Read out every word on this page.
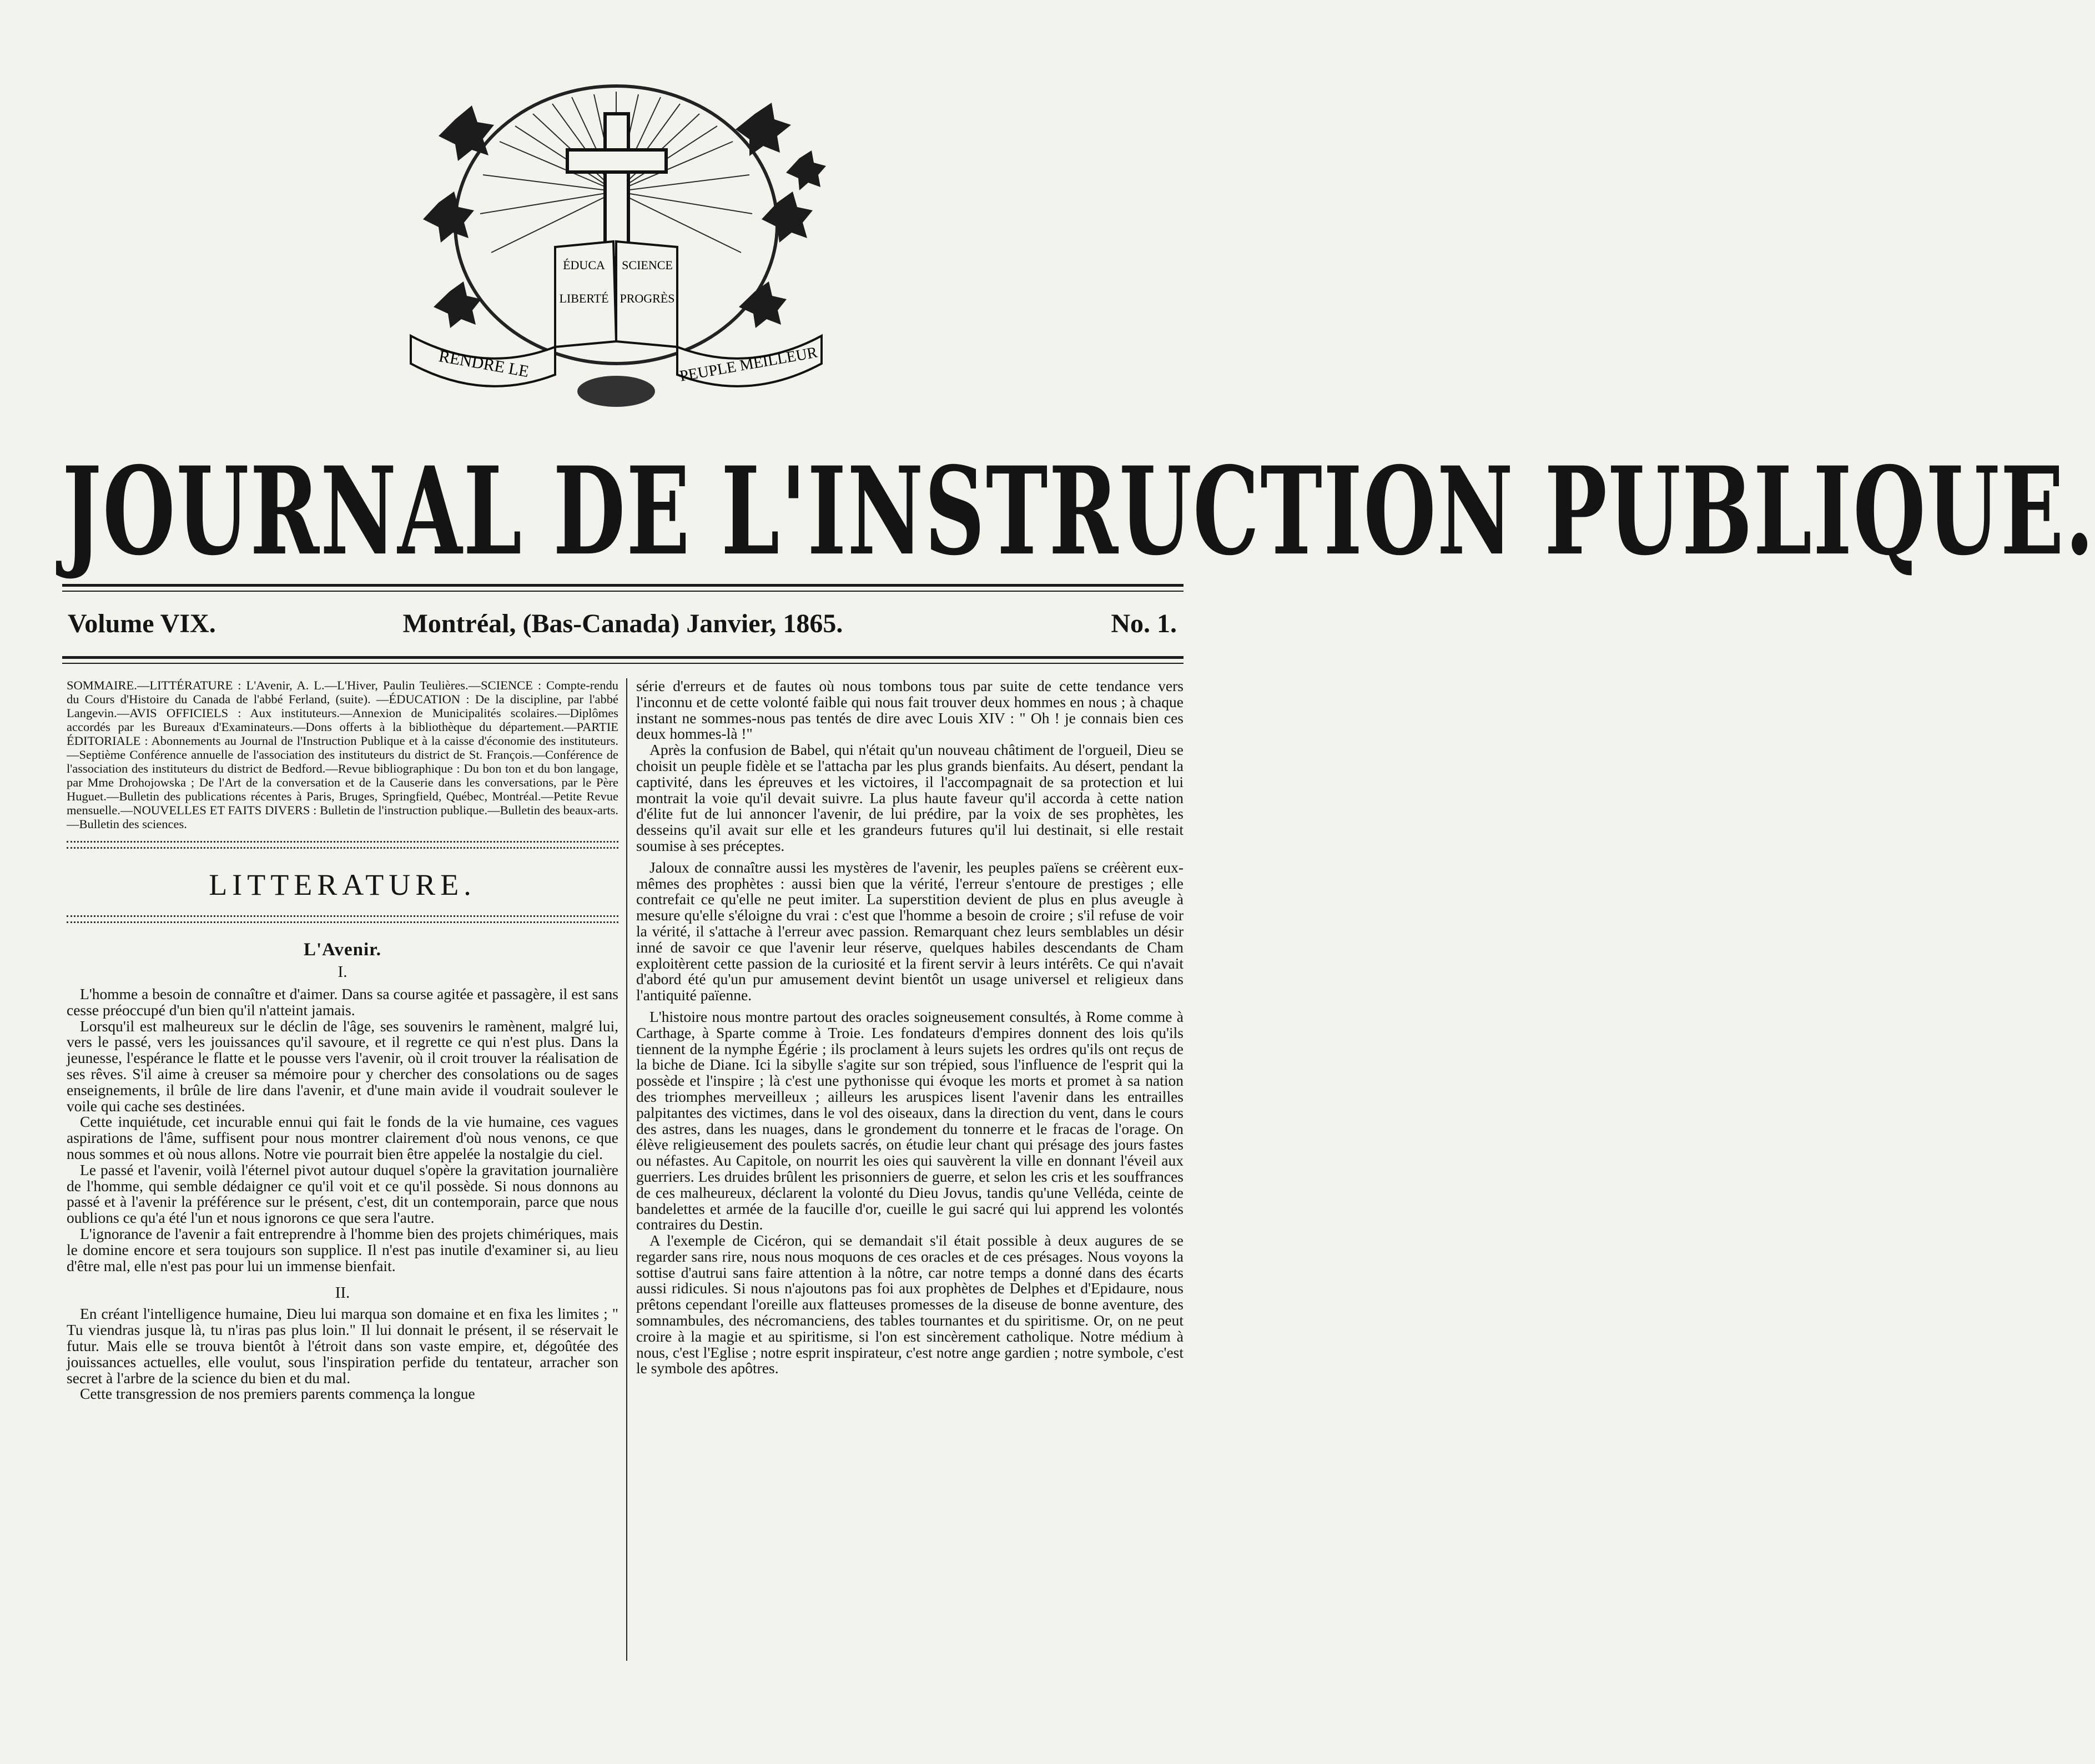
ÉDUCA
LIBERTÉ
SCIENCE
PROGRÈS
RENDRE LE	PEUPLE MEILLEUR
JOURNAL DE L'INSTRUCTION PUBLIQUE.
Montréal, (Bas-Canada) Janvier, 1865.
Volume VIX.	No. 1.

SOMMAIRE.—LITTÉRATURE : L'Avenir, A. L.—L'Hiver, Paulin Teulières.—SCIENCE : Compte-rendu du Cours d'Histoire du Canada de l'abbé Ferland, (suite). —ÉDUCATION : De la discipline, par l'abbé Langevin.—AVIS OFFICIELS : Aux instituteurs.—Annexion de Municipalités scolaires.—Diplômes accordés par les Bureaux d'Examinateurs.—Dons offerts à la bibliothèque du département.—PARTIE ÉDITORIALE : Abonnements au Journal de l'Instruction Publique et à la caisse d'économie des instituteurs.—Septième Conférence annuelle de l'association des instituteurs du district de St. François.—Conférence de l'association des instituteurs du district de Bedford.—Revue bibliographique : Du bon ton et du bon langage, par Mme Drohojowska ; De l'Art de la conversation et de la Causerie dans les conversations, par le Père Huguet.—Bulletin des publications récentes à Paris, Bruges, Springfield, Québec, Montréal.—Petite Revue mensuelle.—NOUVELLES ET FAITS DIVERS : Bulletin de l'instruction publique.—Bulletin des beaux-arts.—Bulletin des sciences.

LITTERATURE.
L'Avenir.

I.

L'homme a besoin de connaître et d'aimer. Dans sa course agitée et passagère, il est sans cesse préoccupé d'un bien qu'il n'atteint jamais.

Lorsqu'il est malheureux sur le déclin de l'âge, ses souvenirs le ramènent, malgré lui, vers le passé, vers les jouissances qu'il savoure, et il regrette ce qui n'est plus. Dans la jeunesse, l'espérance le flatte et le pousse vers l'avenir, où il croit trouver la réalisation de ses rêves. S'il aime à creuser sa mémoire pour y chercher des consolations ou de sages enseignements, il brûle de lire dans l'avenir, et d'une main avide il voudrait soulever le voile qui cache ses destinées.

Cette inquiétude, cet incurable ennui qui fait le fonds de la vie humaine, ces vagues aspirations de l'âme, suffisent pour nous montrer clairement d'où nous venons, ce que nous sommes et où nous allons. Notre vie pourrait bien être appelée la nostalgie du ciel.

Le passé et l'avenir, voilà l'éternel pivot autour duquel s'opère la gravitation journalière de l'homme, qui semble dédaigner ce qu'il voit et ce qu'il possède. Si nous donnons au passé et à l'avenir la préférence sur le présent, c'est, dit un contemporain, parce que nous oublions ce qu'a été l'un et nous ignorons ce que sera l'autre.

L'ignorance de l'avenir a fait entreprendre à l'homme bien des projets chimériques, mais le domine encore et sera toujours son supplice. Il n'est pas inutile d'examiner si, au lieu d'être mal, elle n'est pas pour lui un immense bienfait.

II.

En créant l'intelligence humaine, Dieu lui marqua son domaine et en fixa les limites ; " Tu viendras jusque là, tu n'iras pas plus loin." Il lui donnait le présent, il se réservait le futur. Mais elle se trouva bientôt à l'étroit dans son vaste empire, et, dégoûtée des jouissances actuelles, elle voulut, sous l'inspiration perfide du tentateur, arracher son secret à l'arbre de la science du bien et du mal.

Cette transgression de nos premiers parents commença la longue

série d'erreurs et de fautes où nous tombons tous par suite de cette tendance vers l'inconnu et de cette volonté faible qui nous fait trouver deux hommes en nous ; à chaque instant ne sommes-nous pas tentés de dire avec Louis XIV : " Oh ! je connais bien ces deux hommes-là !"

Après la confusion de Babel, qui n'était qu'un nouveau châtiment de l'orgueil, Dieu se choisit un peuple fidèle et se l'attacha par les plus grands bienfaits. Au désert, pendant la captivité, dans les épreuves et les victoires, il l'accompagnait de sa protection et lui montrait la voie qu'il devait suivre. La plus haute faveur qu'il accorda à cette nation d'élite fut de lui annoncer l'avenir, de lui prédire, par la voix de ses prophètes, les desseins qu'il avait sur elle et les grandeurs futures qu'il lui destinait, si elle restait soumise à ses préceptes.

Jaloux de connaître aussi les mystères de l'avenir, les peuples païens se créèrent eux-mêmes des prophètes : aussi bien que la vérité, l'erreur s'entoure de prestiges ; elle contrefait ce qu'elle ne peut imiter. La superstition devient de plus en plus aveugle à mesure qu'elle s'éloigne du vrai : c'est que l'homme a besoin de croire ; s'il refuse de voir la vérité, il s'attache à l'erreur avec passion. Remarquant chez leurs semblables un désir inné de savoir ce que l'avenir leur réserve, quelques habiles descendants de Cham exploitèrent cette passion de la curiosité et la firent servir à leurs intérêts. Ce qui n'avait d'abord été qu'un pur amusement devint bientôt un usage universel et religieux dans l'antiquité païenne.

L'histoire nous montre partout des oracles soigneusement consultés, à Rome comme à Carthage, à Sparte comme à Troie. Les fondateurs d'empires donnent des lois qu'ils tiennent de la nymphe Égérie ; ils proclament à leurs sujets les ordres qu'ils ont reçus de la biche de Diane. Ici la sibylle s'agite sur son trépied, sous l'influence de l'esprit qui la possède et l'inspire ; là c'est une pythonisse qui évoque les morts et promet à sa nation des triomphes merveilleux ; ailleurs les aruspices lisent l'avenir dans les entrailles palpitantes des victimes, dans le vol des oiseaux, dans la direction du vent, dans le cours des astres, dans les nuages, dans le grondement du tonnerre et le fracas de l'orage. On élève religieusement des poulets sacrés, on étudie leur chant qui présage des jours fastes ou néfastes. Au Capitole, on nourrit les oies qui sauvèrent la ville en donnant l'éveil aux guerriers. Les druides brûlent les prisonniers de guerre, et selon les cris et les souffrances de ces malheureux, déclarent la volonté du Dieu Jovus, tandis qu'une Velléda, ceinte de bandelettes et armée de la faucille d'or, cueille le gui sacré qui lui apprend les volontés contraires du Destin.

A l'exemple de Cicéron, qui se demandait s'il était possible à deux augures de se regarder sans rire, nous nous moquons de ces oracles et de ces présages. Nous voyons la sottise d'autrui sans faire attention à la nôtre, car notre temps a donné dans des écarts aussi ridicules. Si nous n'ajoutons pas foi aux prophètes de Delphes et d'Epidaure, nous prêtons cependant l'oreille aux flatteuses promesses de la diseuse de bonne aventure, des somnambules, des nécromanciens, des tables tournantes et du spiritisme. Or, on ne peut croire à la magie et au spiritisme, si l'on est sincèrement catholique. Notre médium à nous, c'est l'Eglise ; notre esprit inspirateur, c'est notre ange gardien ; notre symbole, c'est le symbole des apôtres.
